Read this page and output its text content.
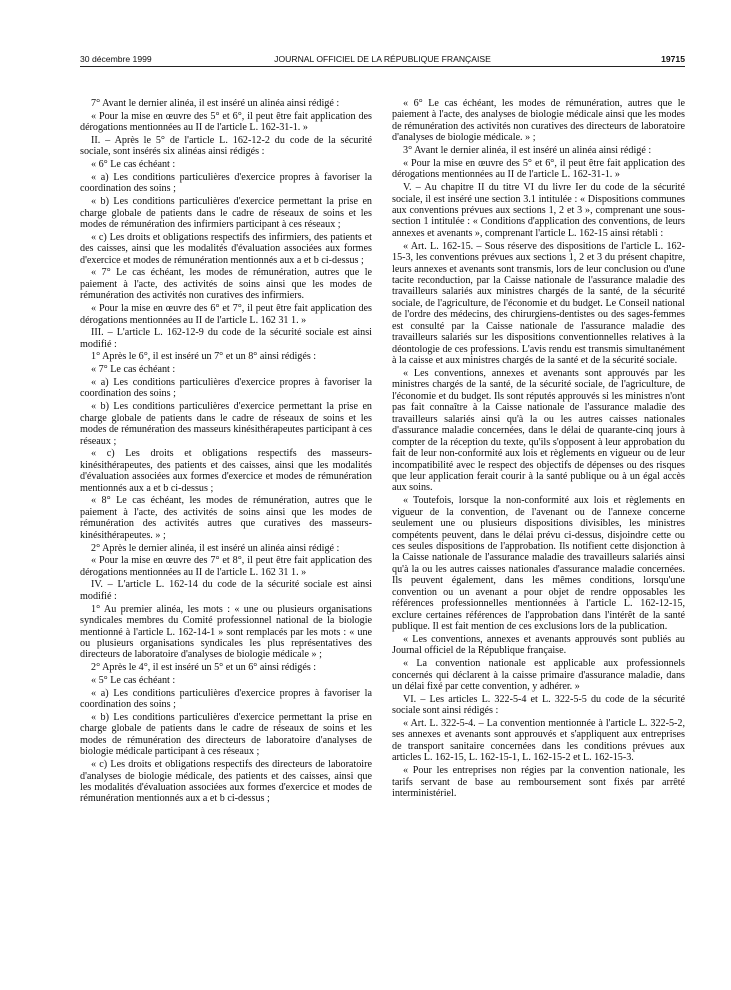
30 décembre 1999	JOURNAL OFFICIEL DE LA RÉPUBLIQUE FRANÇAISE	19715

7° Avant le dernier alinéa, il est inséré un alinéa ainsi rédigé :

« Pour la mise en œuvre des 5° et 6°, il peut être fait application des dérogations mentionnées au II de l'article L. 162-31-1. »

II. – Après le 5° de l'article L. 162-12-2 du code de la sécurité sociale, sont insérés six alinéas ainsi rédigés :

« 6° Le cas échéant :

« a) Les conditions particulières d'exercice propres à favoriser la coordination des soins ;

« b) Les conditions particulières d'exercice permettant la prise en charge globale de patients dans le cadre de réseaux de soins et les modes de rémunération des infirmiers participant à ces réseaux ;

« c) Les droits et obligations respectifs des infirmiers, des patients et des caisses, ainsi que les modalités d'évaluation associées aux formes d'exercice et modes de rémunération mentionnés aux a et b ci-dessus ;

« 7° Le cas échéant, les modes de rémunération, autres que le paiement à l'acte, des activités de soins ainsi que les modes de rémunération des activités non curatives des infirmiers.

« Pour la mise en œuvre des 6° et 7°, il peut être fait application des dérogations mentionnées au II de l'article L. 162 31 1. »

III. – L'article L. 162-12-9 du code de la sécurité sociale est ainsi modifié :

1° Après le 6°, il est inséré un 7° et un 8° ainsi rédigés :

« 7° Le cas échéant :

« a) Les conditions particulières d'exercice propres à favoriser la coordination des soins ;

« b) Les conditions particulières d'exercice permettant la prise en charge globale de patients dans le cadre de réseaux de soins et les modes de rémunération des masseurs kinésithérapeutes participant à ces réseaux ;

« c) Les droits et obligations respectifs des masseurs-kinésithérapeutes, des patients et des caisses, ainsi que les modalités d'évaluation associées aux formes d'exercice et modes de rémunération mentionnés aux a et b ci-dessus ;

« 8° Le cas échéant, les modes de rémunération, autres que le paiement à l'acte, des activités de soins ainsi que les modes de rémunération des activités autres que curatives des masseurs-kinésithérapeutes. » ;

2° Après le dernier alinéa, il est inséré un alinéa ainsi rédigé :

« Pour la mise en œuvre des 7° et 8°, il peut être fait application des dérogations mentionnées au II de l'article L. 162 31 1. »

IV. – L'article L. 162-14 du code de la sécurité sociale est ainsi modifié :

1° Au premier alinéa, les mots : « une ou plusieurs organisations syndicales membres du Comité professionnel national de la biologie mentionné à l'article L. 162-14-1 » sont remplacés par les mots : « une ou plusieurs organisations syndicales les plus représentatives des directeurs de laboratoire d'analyses de biologie médicale » ;

2° Après le 4°, il est inséré un 5° et un 6° ainsi rédigés :

« 5° Le cas échéant :

« a) Les conditions particulières d'exercice propres à favoriser la coordination des soins ;

« b) Les conditions particulières d'exercice permettant la prise en charge globale de patients dans le cadre de réseaux de soins et les modes de rémunération des directeurs de laboratoire d'analyses de biologie médicale participant à ces réseaux ;

« c) Les droits et obligations respectifs des directeurs de laboratoire d'analyses de biologie médicale, des patients et des caisses, ainsi que les modalités d'évaluation associées aux formes d'exercice et modes de rémunération mentionnés aux a et b ci-dessus ;

« 6° Le cas échéant, les modes de rémunération, autres que le paiement à l'acte, des analyses de biologie médicale ainsi que les modes de rémunération des activités non curatives des directeurs de laboratoire d'analyses de biologie médicale. » ;

3° Avant le dernier alinéa, il est inséré un alinéa ainsi rédigé :

« Pour la mise en œuvre des 5° et 6°, il peut être fait application des dérogations mentionnées au II de l'article L. 162-31-1. »

V. – Au chapitre II du titre VI du livre Ier du code de la sécurité sociale, il est inséré une section 3.1 intitulée : « Dispositions communes aux conventions prévues aux sections 1, 2 et 3 », comprenant une sous-section 1 intitulée : « Conditions d'application des conventions, de leurs annexes et avenants », comprenant l'article L. 162-15 ainsi rétabli :

« Art. L. 162-15. – Sous réserve des dispositions de l'article L. 162-15-3, les conventions prévues aux sections 1, 2 et 3 du présent chapitre, leurs annexes et avenants sont transmis, lors de leur conclusion ou d'une tacite reconduction, par la Caisse nationale de l'assurance maladie des travailleurs salariés aux ministres chargés de la santé, de la sécurité sociale, de l'agriculture, de l'économie et du budget. Le Conseil national de l'ordre des médecins, des chirurgiens-dentistes ou des sages-femmes est consulté par la Caisse nationale de l'assurance maladie des travailleurs salariés sur les dispositions conventionnelles relatives à la déontologie de ces professions. L'avis rendu est transmis simultanément à la caisse et aux ministres chargés de la santé et de la sécurité sociale.

« Les conventions, annexes et avenants sont approuvés par les ministres chargés de la santé, de la sécurité sociale, de l'agriculture, de l'économie et du budget. Ils sont réputés approuvés si les ministres n'ont pas fait connaître à la Caisse nationale de l'assurance maladie des travailleurs salariés ainsi qu'à la ou les autres caisses nationales d'assurance maladie concernées, dans le délai de quarante-cinq jours à compter de la réception du texte, qu'ils s'opposent à leur approbation du fait de leur non-conformité aux lois et règlements en vigueur ou de leur incompatibilité avec le respect des objectifs de dépenses ou des risques que leur application ferait courir à la santé publique ou à un égal accès aux soins.

« Toutefois, lorsque la non-conformité aux lois et règlements en vigueur de la convention, de l'avenant ou de l'annexe concerne seulement une ou plusieurs dispositions divisibles, les ministres compétents peuvent, dans le délai prévu ci-dessus, disjoindre cette ou ces seules dispositions de l'approbation. Ils notifient cette disjonction à la Caisse nationale de l'assurance maladie des travailleurs salariés ainsi qu'à la ou les autres caisses nationales d'assurance maladie concernées. Ils peuvent également, dans les mêmes conditions, lorsqu'une convention ou un avenant a pour objet de rendre opposables les références professionnelles mentionnées à l'article L. 162-12-15, exclure certaines références de l'approbation dans l'intérêt de la santé publique. Il est fait mention de ces exclusions lors de la publication.

« Les conventions, annexes et avenants approuvés sont publiés au Journal officiel de la République française.

« La convention nationale est applicable aux professionnels concernés qui déclarent à la caisse primaire d'assurance maladie, dans un délai fixé par cette convention, y adhérer. »

VI. – Les articles L. 322-5-4 et L. 322-5-5 du code de la sécurité sociale sont ainsi rédigés :

« Art. L. 322-5-4. – La convention mentionnée à l'article L. 322-5-2, ses annexes et avenants sont approuvés et s'appliquent aux entreprises de transport sanitaire concernées dans les conditions prévues aux articles L. 162-15, L. 162-15-1, L. 162-15-2 et L. 162-15-3.

« Pour les entreprises non régies par la convention nationale, les tarifs servant de base au remboursement sont fixés par arrêté interministériel.
